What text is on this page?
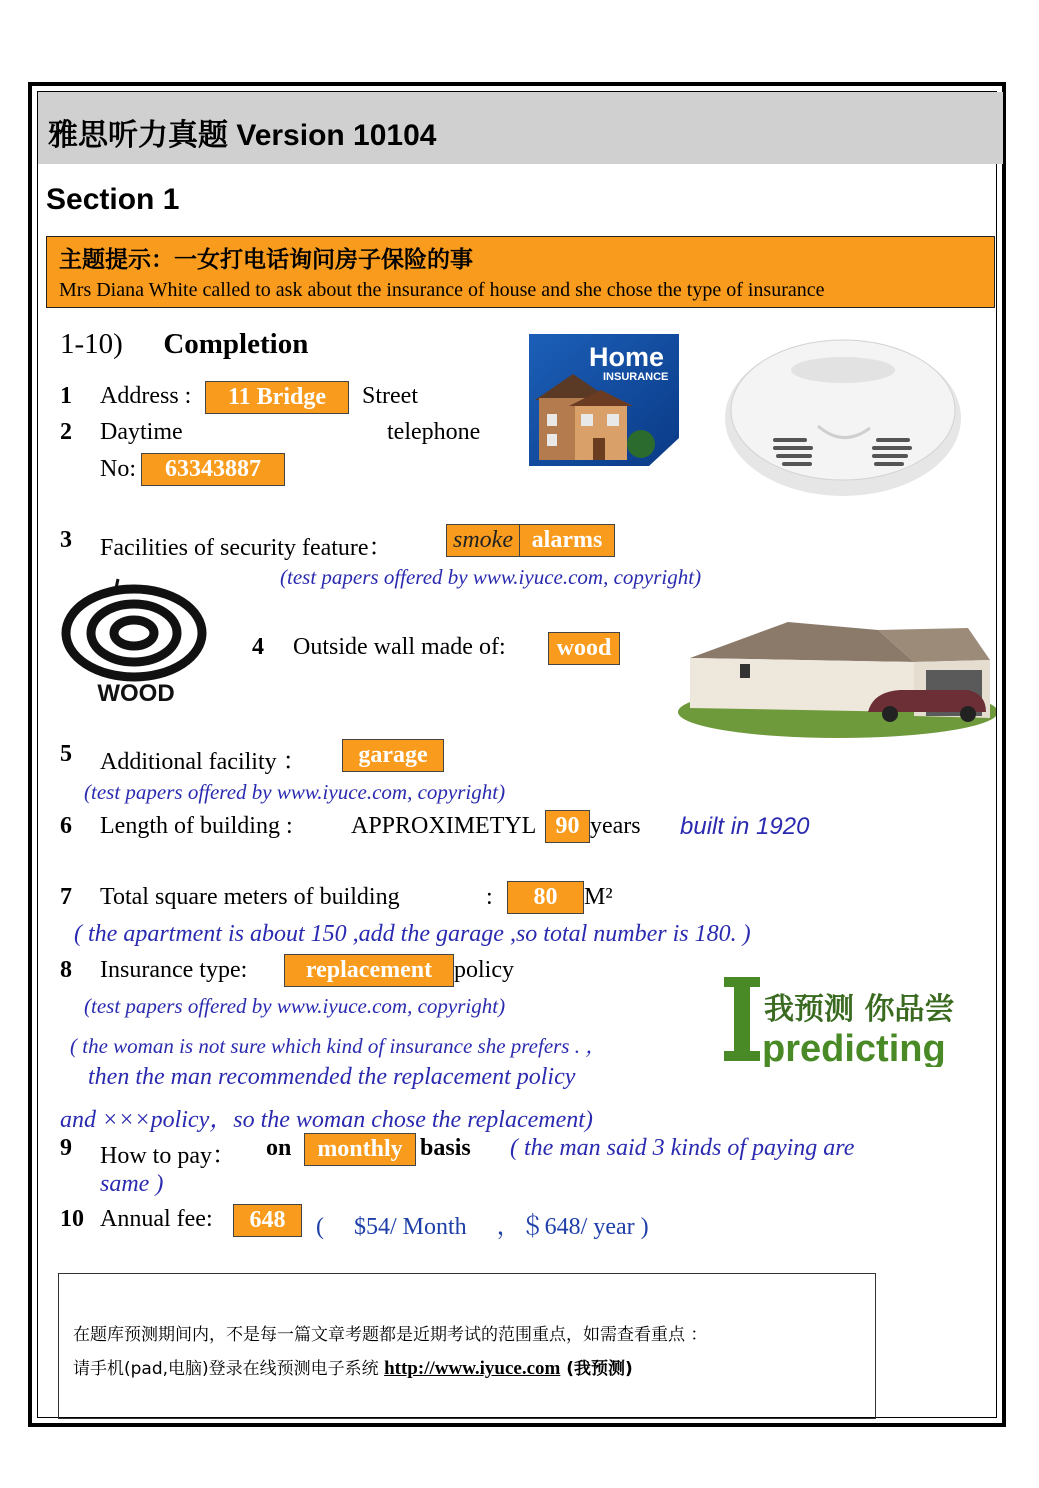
雅思听力真题 Version 10104
Section 1
主题提示：一女打电话询问房子保险的事
Mrs Diana White called to ask about the insurance of house and she chose the type of insurance
1-10) Completion	Home
INSURANCE
1 Address :	11 Bridge	Street
2 Daytime	telephone
No:	63343887
3 Facilities of security feature：	smoke alarms
(test papers offered by www.iyuce.com, copyright)
WOOD
4 Outside wall made of:	wood
5 Additional facility ：	garage
(test papers offered by www.iyuce.com, copyright)
6 Length of building : APPROXIMETYL 90 years built in 1920
7 Total square meters of building	:	80	M²
( the apartment is about 150 ,add the garage ,so total number is 180. )
8 Insurance type:	replacement policy
(test papers offered by www.iyuce.com, copyright)
( the woman is not sure which kind of insurance she prefers . ，
then the man recommended the replacement policy
and ×××policy，so the woman chose the replacement)
我预测 你品尝
predicting
9 How to pay： on	monthly basis ( the man said 3 kinds of paying are
same )
10 Annual fee:	648	(     $54/ Month     ，＄648/ year )
在题库预测期间内，不是每一篇文章考题都是近期考试的范围重点，如需查看重点 ：
请手机(pad,电脑)登录在线预测电子系统 http://www.iyuce.com (我预测)
